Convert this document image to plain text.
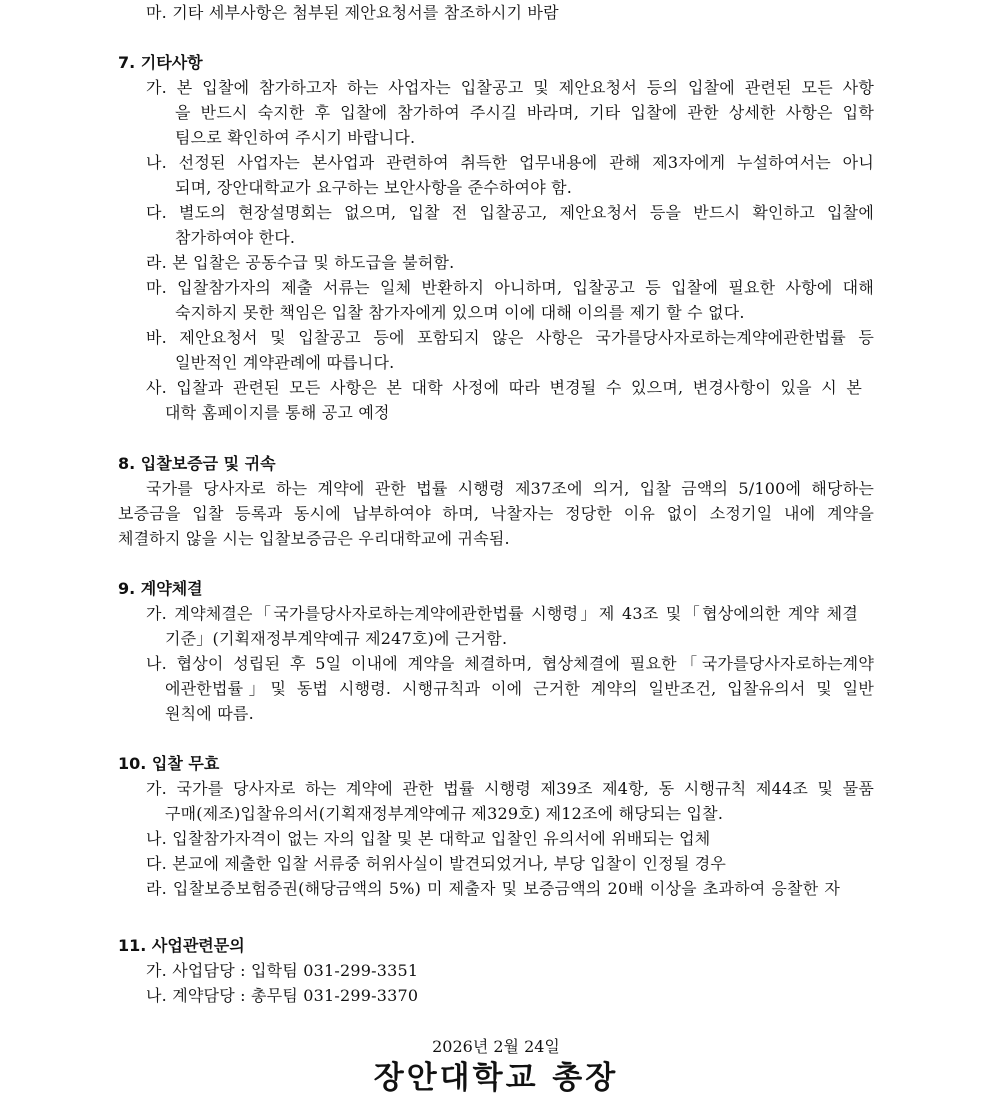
마. 기타 세부사항은 첨부된 제안요청서를 참조하시기 바람
7. 기타사항
가. 본 입찰에 참가하고자 하는 사업자는 입찰공고 및 제안요청서 등의 입찰에 관련된 모든 사항
을 반드시 숙지한 후 입찰에 참가하여 주시길 바라며, 기타 입찰에 관한 상세한 사항은 입학
팀으로 확인하여 주시기 바랍니다.
나. 선정된 사업자는 본사업과 관련하여 취득한 업무내용에 관해 제3자에게 누설하여서는 아니
되며, 장안대학교가 요구하는 보안사항을 준수하여야 함.
다. 별도의 현장설명회는 없으며, 입찰 전 입찰공고, 제안요청서 등을 반드시 확인하고 입찰에
참가하여야 한다.
라. 본 입찰은 공동수급 및 하도급을 불허함.
마. 입찰참가자의 제출 서류는 일체 반환하지 아니하며, 입찰공고 등 입찰에 필요한 사항에 대해
숙지하지 못한 책임은 입찰 참가자에게 있으며 이에 대해 이의를 제기 할 수 없다.
바. 제안요청서 및 입찰공고 등에 포함되지 않은 사항은 국가를당사자로하는계약에관한법률 등
일반적인 계약관례에 따릅니다.
사. 입찰과 관련된 모든 사항은 본 대학 사정에 따라 변경될 수 있으며, 변경사항이 있을 시 본
대학 홈페이지를 통해 공고 예정
8. 입찰보증금 및 귀속
국가를 당사자로 하는 계약에 관한 법률 시행령 제37조에 의거, 입찰 금액의 5/100에 해당하는
보증금을 입찰 등록과 동시에 납부하여야 하며, 낙찰자는 정당한 이유 없이 소정기일 내에 계약을
체결하지 않을 시는 입찰보증금은 우리대학교에 귀속됨.
9. 계약체결
가. 계약체결은「국가를당사자로하는계약에관한법률 시행령」제 43조 및「협상에의한 계약 체결
기준」(기획재정부계약예규 제247호)에 근거함.
나. 협상이 성립된 후 5일 이내에 계약을 체결하며, 협상체결에 필요한「국가를당사자로하는계약
에관한법률」및 동법 시행령. 시행규칙과 이에 근거한 계약의 일반조건, 입찰유의서 및 일반
원칙에 따름.
10. 입찰 무효
가. 국가를 당사자로 하는 계약에 관한 법률 시행령 제39조 제4항, 동 시행규칙 제44조 및 물품
구매(제조)입찰유의서(기획재정부계약예규 제329호) 제12조에 해당되는 입찰.
나. 입찰참가자격이 없는 자의 입찰 및 본 대학교 입찰인 유의서에 위배되는 업체
다. 본교에 제출한 입찰 서류중 허위사실이 발견되었거나, 부당 입찰이 인정될 경우
라. 입찰보증보험증권(해당금액의 5%) 미 제출자 및 보증금액의 20배 이상을 초과하여 응찰한 자
11. 사업관련문의
가. 사업담당 : 입학팀 031-299-3351
나. 계약담당 : 총무팀 031-299-3370
2026년 2월 24일
장안대학교 총장
